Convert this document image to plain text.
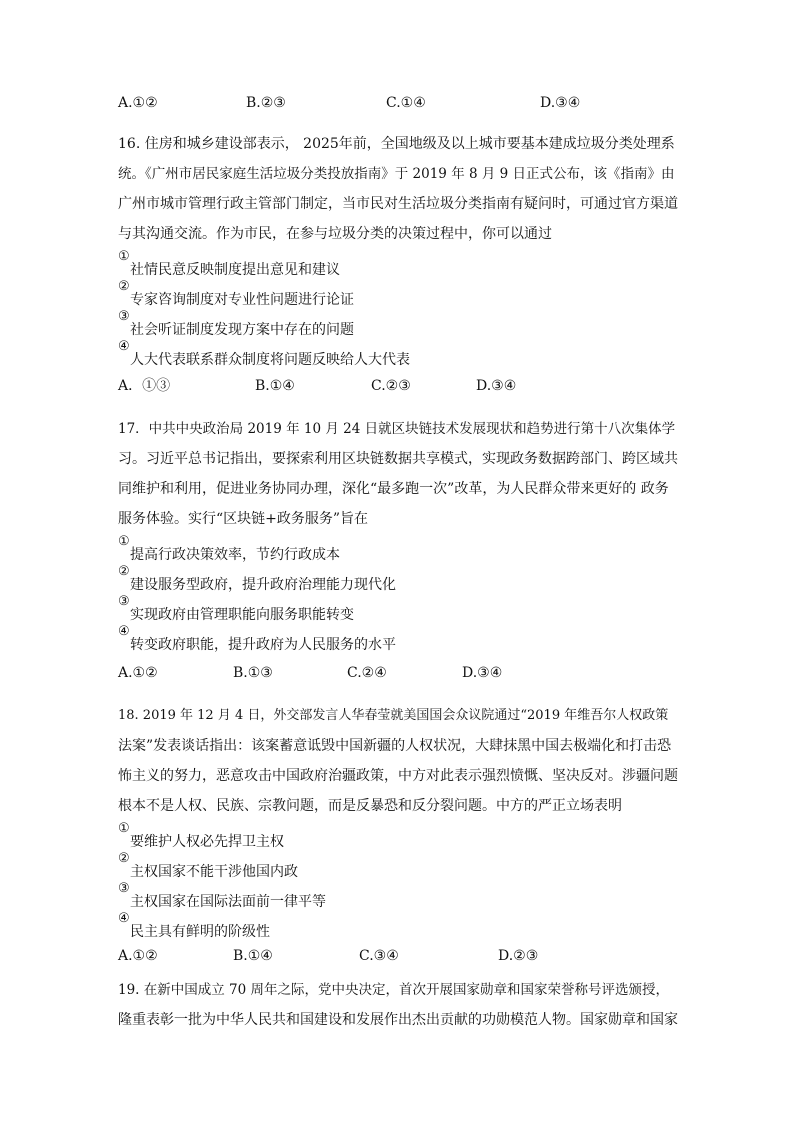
A.①②	B.②③	C.①④	D.③④
16. 住房和城乡建设部表示， 2025年前，全国地级及以上城市要基本建成垃圾分类处理系
统。《广州市居民家庭生活垃圾分类投放指南》于 2019 年 8 月 9 日正式公布，该《指南》由
广州市城市管理行政主管部门制定，当市民对生活垃圾分类指南有疑问时，可通过官方渠道
与其沟通交流。作为市民，在参与垃圾分类的决策过程中，你可以通过
①
社情民意反映制度提出意见和建议
②
专家咨询制度对专业性问题进行论证
③
社会听证制度发现方案中存在的问题
④
人大代表联系群众制度将问题反映给人大代表
A．①③	B.①④	C.②③	D.③④
17．中共中央政治局 2019 年 10 月 24 日就区块链技术发展现状和趋势进行第十八次集体学
习。习近平总书记指出，要探索利用区块链数据共享模式，实现政务数据跨部门、跨区域共
同维护和利用，促进业务协同办理，深化“最多跑一次”改革，为人民群众带来更好的 政务
服务体验。实行“区块链+政务服务”旨在
①
提高行政决策效率，节约行政成本
②
建设服务型政府，提升政府治理能力现代化
③
实现政府由管理职能向服务职能转变
④
转变政府职能，提升政府为人民服务的水平
A.①②	B.①③	C.②④	D.③④
18. 2019 年 12 月 4 日，外交部发言人华春莹就美国国会众议院通过“2019 年维吾尔人权政策
法案”发表谈话指出：该案蓄意诋毁中国新疆的人权状况，大肆抹黑中国去极端化和打击恐
怖主义的努力，恶意攻击中国政府治疆政策，中方对此表示强烈愤慨、坚决反对。涉疆问题
根本不是人权、民族、宗教问题，而是反暴恐和反分裂问题。中方的严正立场表明
①
要维护人权必先捍卫主权
②
主权国家不能干涉他国内政
③
主权国家在国际法面前一律平等
④
民主具有鲜明的阶级性
A.①②	B.①④	C.③④	D.②③
19. 在新中国成立 70 周年之际，党中央决定，首次开展国家勋章和国家荣誉称号评选颁授，
隆重表彰一批为中华人民共和国建设和发展作出杰出贡献的功勋模范人物。国家勋章和国家
